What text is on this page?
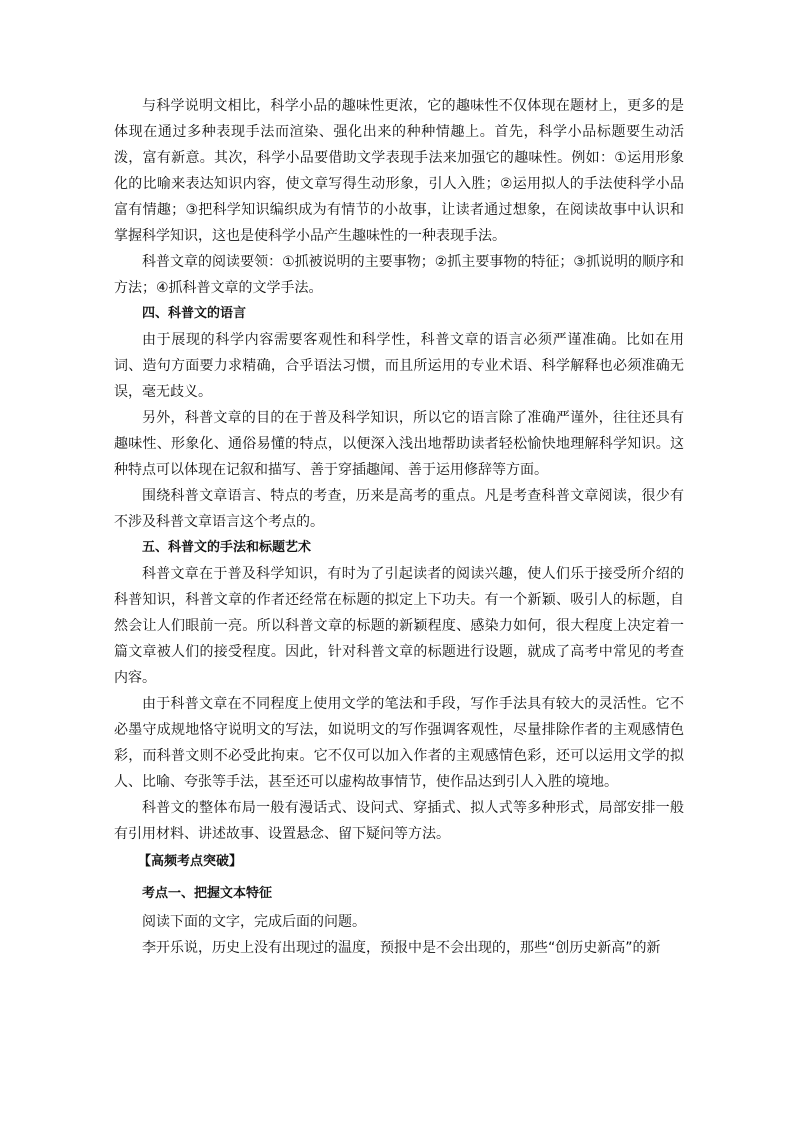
与科学说明文相比，科学小品的趣味性更浓，它的趣味性不仅体现在题材上，更多的是体现在通过多种表现手法而渲染、强化出来的种种情趣上。首先，科学小品标题要生动活泼，富有新意。其次，科学小品要借助文学表现手法来加强它的趣味性。例如：①运用形象化的比喻来表达知识内容，使文章写得生动形象，引人入胜；②运用拟人的手法使科学小品富有情趣；③把科学知识编织成为有情节的小故事，让读者通过想象，在阅读故事中认识和掌握科学知识，这也是使科学小品产生趣味性的一种表现手法。

科普文章的阅读要领：①抓被说明的主要事物；②抓主要事物的特征；③抓说明的顺序和方法；④抓科普文章的文学手法。

四、科普文的语言

由于展现的科学内容需要客观性和科学性，科普文章的语言必须严谨准确。比如在用词、造句方面要力求精确，合乎语法习惯，而且所运用的专业术语、科学解释也必须准确无误，毫无歧义。

另外，科普文章的目的在于普及科学知识，所以它的语言除了准确严谨外，往往还具有趣味性、形象化、通俗易懂的特点，以便深入浅出地帮助读者轻松愉快地理解科学知识。这种特点可以体现在记叙和描写、善于穿插趣闻、善于运用修辞等方面。

围绕科普文章语言、特点的考查，历来是高考的重点。凡是考查科普文章阅读，很少有不涉及科普文章语言这个考点的。

五、科普文的手法和标题艺术

科普文章在于普及科学知识，有时为了引起读者的阅读兴趣，使人们乐于接受所介绍的科普知识，科普文章的作者还经常在标题的拟定上下功夫。有一个新颖、吸引人的标题，自然会让人们眼前一亮。所以科普文章的标题的新颖程度、感染力如何，很大程度上决定着一篇文章被人们的接受程度。因此，针对科普文章的标题进行设题，就成了高考中常见的考查内容。

由于科普文章在不同程度上使用文学的笔法和手段，写作手法具有较大的灵活性。它不必墨守成规地恪守说明文的写法，如说明文的写作强调客观性，尽量排除作者的主观感情色彩，而科普文则不必受此拘束。它不仅可以加入作者的主观感情色彩，还可以运用文学的拟人、比喻、夸张等手法，甚至还可以虚构故事情节，使作品达到引人入胜的境地。

科普文的整体布局一般有漫话式、设问式、穿插式、拟人式等多种形式，局部安排一般有引用材料、讲述故事、设置悬念、留下疑问等方法。

【高频考点突破】

考点一、把握文本特征

阅读下面的文字，完成后面的问题。

李开乐说，历史上没有出现过的温度，预报中是不会出现的，那些“创历史新高”的新
